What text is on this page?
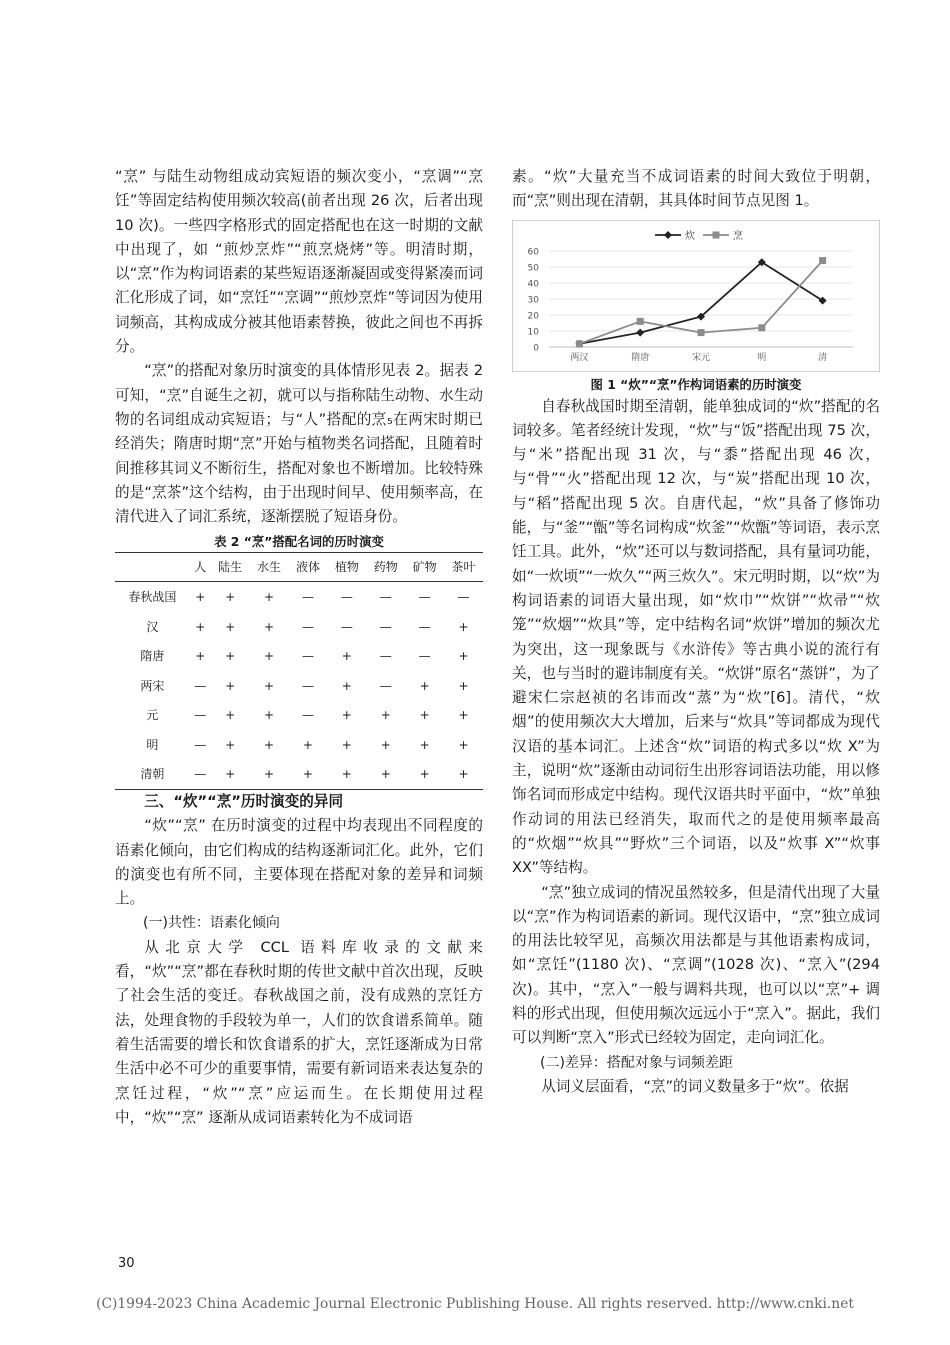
“烹” 与陆生动物组成动宾短语的频次变小，“烹调”“烹饪”等固定结构使用频次较高(前者出现 26 次，后者出现 10 次)。一些四字格形式的固定搭配也在这一时期的文献中出现了，如 “煎炒烹炸”“煎烹烧烤”等。明清时期，以“烹”作为构词语素的某些短语逐渐凝固或变得紧凑而词汇化形成了词，如“烹饪”“烹调”“煎炒烹炸”等词因为使用词频高，其构成成分被其他语素替换，彼此之间也不再拆分。

“烹”的搭配对象历时演变的具体情形见表 2。据表 2 可知，“烹”自诞生之初，就可以与指称陆生动物、水生动物的名词组成动宾短语；与“人”搭配的烹₅在两宋时期已经消失；隋唐时期“烹”开始与植物类名词搭配，且随着时间推移其词义不断衍生，搭配对象也不断增加。比较特殊的是“烹茶”这个结构，由于出现时间早、使用频率高，在清代进入了词汇系统，逐渐摆脱了短语身份。

表 2 “烹”搭配名词的历时演变
	人	陆生	水生	液体	植物	药物	矿物	茶叶
春秋战国	+	+	+	—	—	—	—	—
汉	+	+	+	—	—	—	—	+
隋唐	+	+	+	—	+	—	—	+
两宋	—	+	+	—	+	—	+	+
元	—	+	+	—	+	+	+	+
明	—	+	+	+	+	+	+	+
清朝	—	+	+	+	+	+	+	+
三、“炊”“烹”历时演变的异同

“炊”“烹” 在历时演变的过程中均表现出不同程度的语素化倾向，由它们构成的结构逐渐词汇化。此外，它们的演变也有所不同，主要体现在搭配对象的差异和词频上。

(一)共性：语素化倾向

从北京大学 CCL 语料库收录的文献来看，“炊”“烹”都在春秋时期的传世文献中首次出现，反映了社会生活的变迁。春秋战国之前，没有成熟的烹饪方法，处理食物的手段较为单一，人们的饮食谱系简单。随着生活需要的增长和饮食谱系的扩大，烹饪逐渐成为日常生活中必不可少的重要事情，需要有新词语来表达复杂的烹饪过程，“炊”“烹”应运而生。在长期使用过程中，“炊”“烹” 逐渐从成词语素转化为不成词语

素。“炊”大量充当不成词语素的时间大致位于明朝，而“烹”则出现在清朝，其具体时间节点见图 1。

0
10
20
30
40
50
60
两汉	隋唐	宋元	明	清
炊	烹
图 1 “炊”“烹”作构词语素的历时演变

自春秋战国时期至清朝，能单独成词的“炊”搭配的名词较多。笔者经统计发现，“炊”与“饭”搭配出现 75 次，与“米”搭配出现 31 次，与“黍”搭配出现 46 次，与“骨”“火”搭配出现 12 次，与“炭”搭配出现 10 次，与“稻”搭配出现 5 次。自唐代起，“炊”具备了修饰功能，与“釜”“甑”等名词构成“炊釜”“炊甑”等词语，表示烹饪工具。此外，“炊”还可以与数词搭配，具有量词功能，如“一炊顷”“一炊久”“两三炊久”。宋元明时期，以“炊”为构词语素的词语大量出现，如“炊巾”“炊饼”“炊帚”“炊笼”“炊烟”“炊具”等，定中结构名词“炊饼”增加的频次尤为突出，这一现象既与《水浒传》等古典小说的流行有关，也与当时的避讳制度有关。“炊饼”原名“蒸饼”，为了避宋仁宗赵祯的名讳而改“蒸”为“炊”[6]。清代，“炊烟”的使用频次大大增加，后来与“炊具”等词都成为现代汉语的基本词汇。上述含“炊”词语的构式多以“炊 X”为主，说明“炊”逐渐由动词衍生出形容词语法功能，用以修饰名词而形成定中结构。现代汉语共时平面中，“炊”单独作动词的用法已经消失，取而代之的是使用频率最高的“炊烟”“炊具”“野炊”三个词语，以及“炊事 X”“炊事 XX”等结构。

“烹”独立成词的情况虽然较多，但是清代出现了大量以“烹”作为构词语素的新词。现代汉语中，“烹”独立成词的用法比较罕见，高频次用法都是与其他语素构成词，如“烹饪”(1180 次)、“烹调”(1028 次)、“烹入”(294 次)。其中，“烹入”一般与调料共现，也可以以“烹”+ 调料的形式出现，但使用频次远远小于“烹入”。据此，我们可以判断“烹入”形式已经较为固定，走向词汇化。

(二)差异：搭配对象与词频差距

从词义层面看，“烹”的词义数量多于“炊”。依据

30
(C)1994-2023 China Academic Journal Electronic Publishing House. All rights reserved. http://www.cnki.net
